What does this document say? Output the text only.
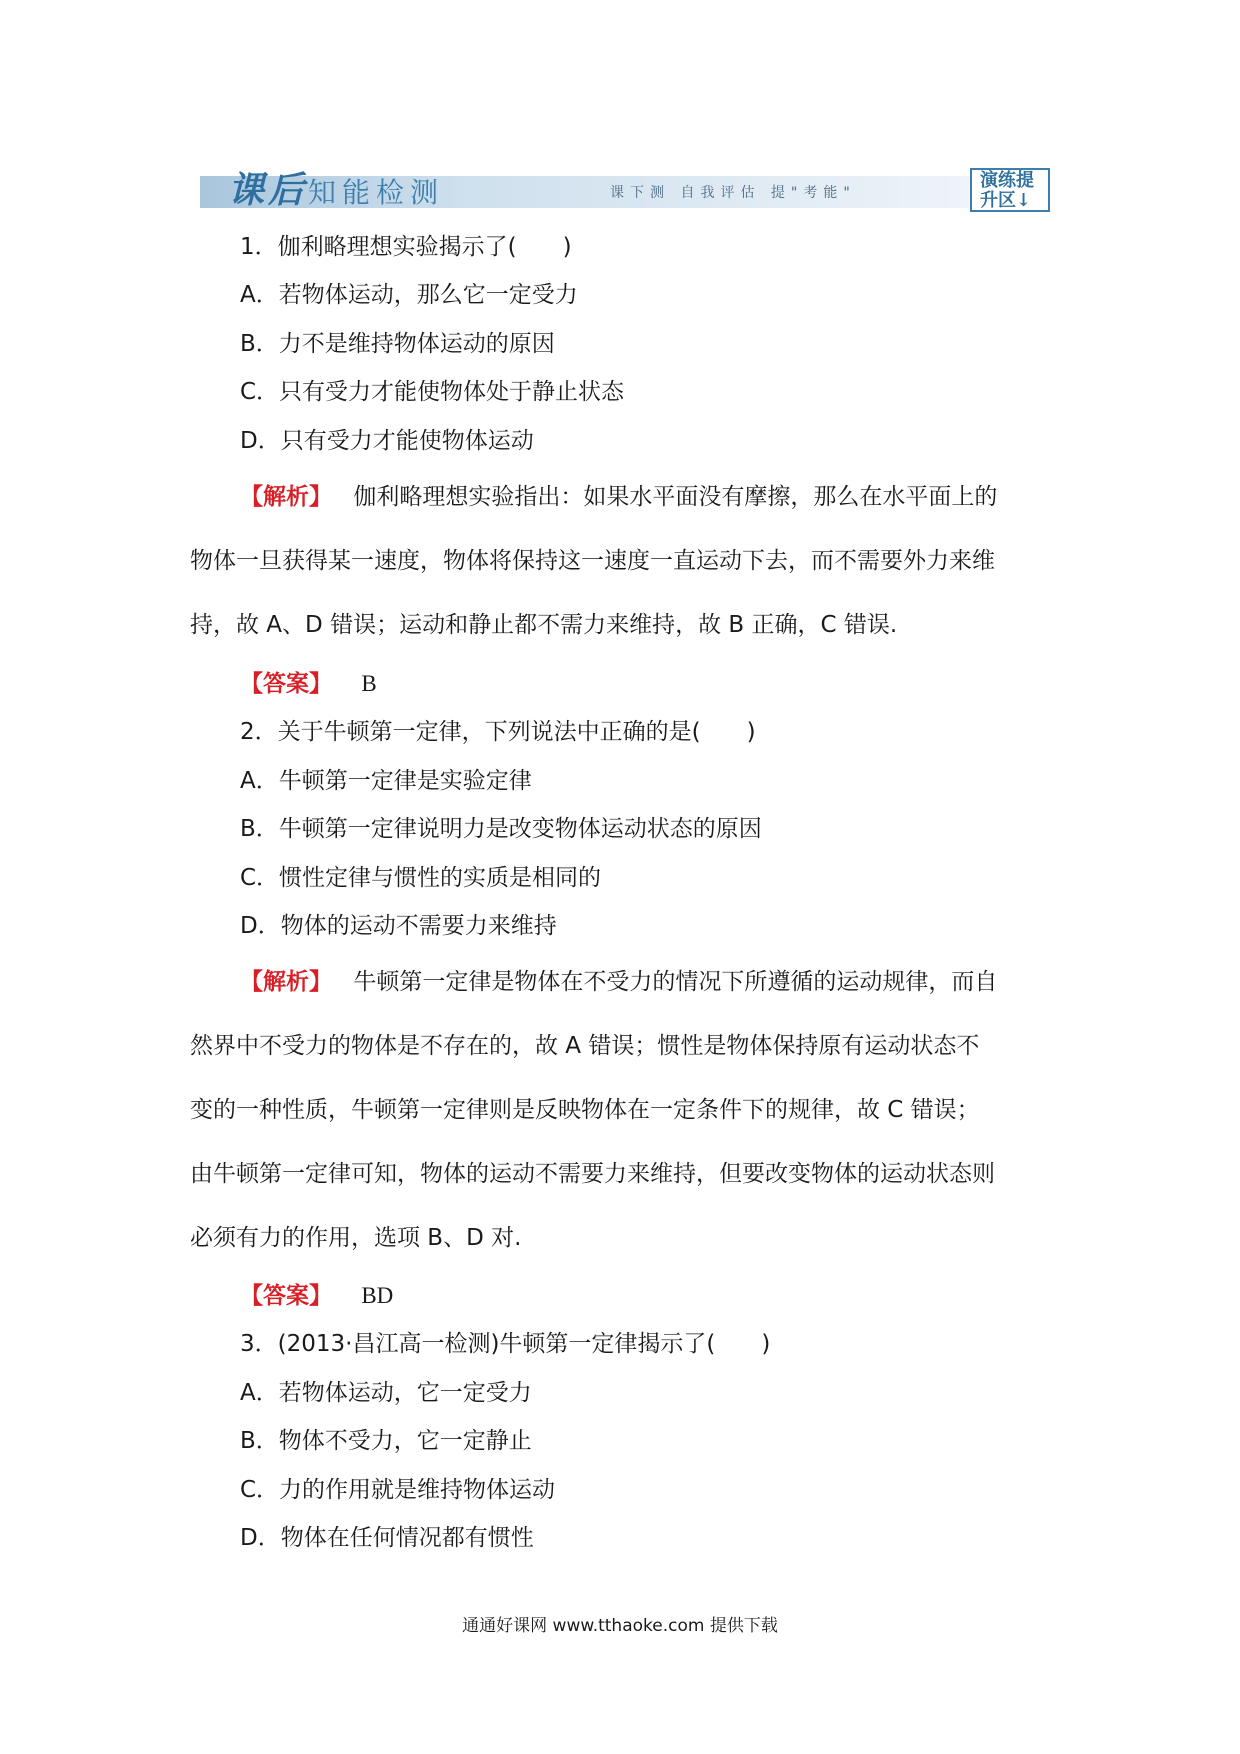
课后知能检测	课下测 自我评估 提"考能"
演练提
升区↓
1．伽利略理想实验揭示了(　　)
A．若物体运动，那么它一定受力
B．力不是维持物体运动的原因
C．只有受力才能使物体处于静止状态
D．只有受力才能使物体运动
【解析】 伽利略理想实验指出：如果水平面没有摩擦，那么在水平面上的
物体一旦获得某一速度，物体将保持这一速度一直运动下去，而不需要外力来维
持，故 A、D 错误；运动和静止都不需力来维持，故 B 正确，C 错误.
【答案】 B
2．关于牛顿第一定律，下列说法中正确的是(　　)
A．牛顿第一定律是实验定律
B．牛顿第一定律说明力是改变物体运动状态的原因
C．惯性定律与惯性的实质是相同的
D．物体的运动不需要力来维持
【解析】 牛顿第一定律是物体在不受力的情况下所遵循的运动规律，而自
然界中不受力的物体是不存在的，故 A 错误；惯性是物体保持原有运动状态不
变的一种性质，牛顿第一定律则是反映物体在一定条件下的规律，故 C 错误；
由牛顿第一定律可知，物体的运动不需要力来维持，但要改变物体的运动状态则
必须有力的作用，选项 B、D 对.
【答案】 BD
3．(2013·昌江高一检测)牛顿第一定律揭示了(　　)
A．若物体运动，它一定受力
B．物体不受力，它一定静止
C．力的作用就是维持物体运动
D．物体在任何情况都有惯性
通通好课网 www.tthaoke.com 提供下载
